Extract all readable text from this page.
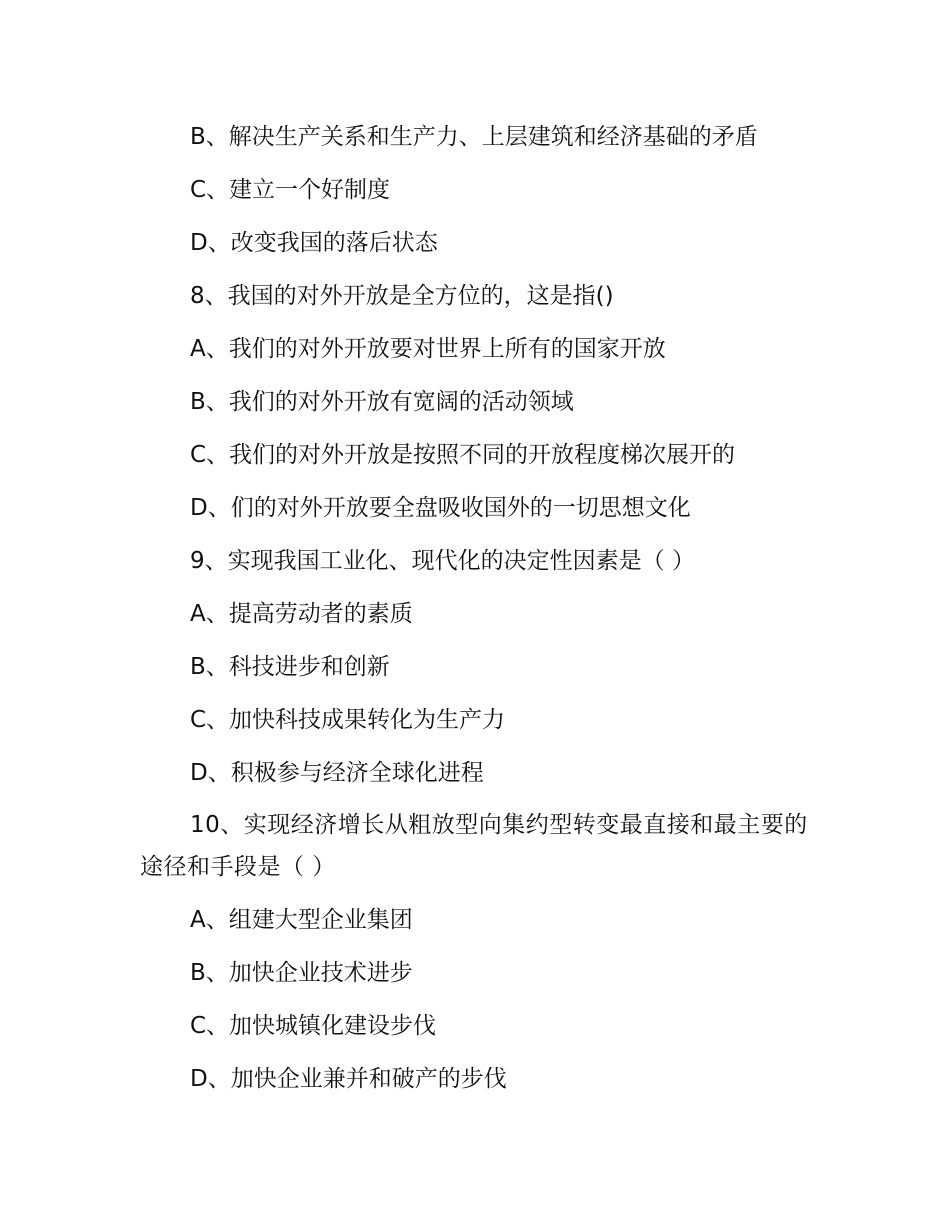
B、解决生产关系和生产力、上层建筑和经济基础的矛盾
C、建立一个好制度
D、改变我国的落后状态
8、我国的对外开放是全方位的，这是指()
A、我们的对外开放要对世界上所有的国家开放
B、我们的对外开放有宽阔的活动领域
C、我们的对外开放是按照不同的开放程度梯次展开的
D、们的对外开放要全盘吸收国外的一切思想文化
9、实现我国工业化、现代化的决定性因素是（ ）
A、提高劳动者的素质
B、科技进步和创新
C、加快科技成果转化为生产力
D、积极参与经济全球化进程
10、实现经济增长从粗放型向集约型转变最直接和最主要的途径和手段是（ ）
A、组建大型企业集团
B、加快企业技术进步
C、加快城镇化建设步伐
D、加快企业兼并和破产的步伐
